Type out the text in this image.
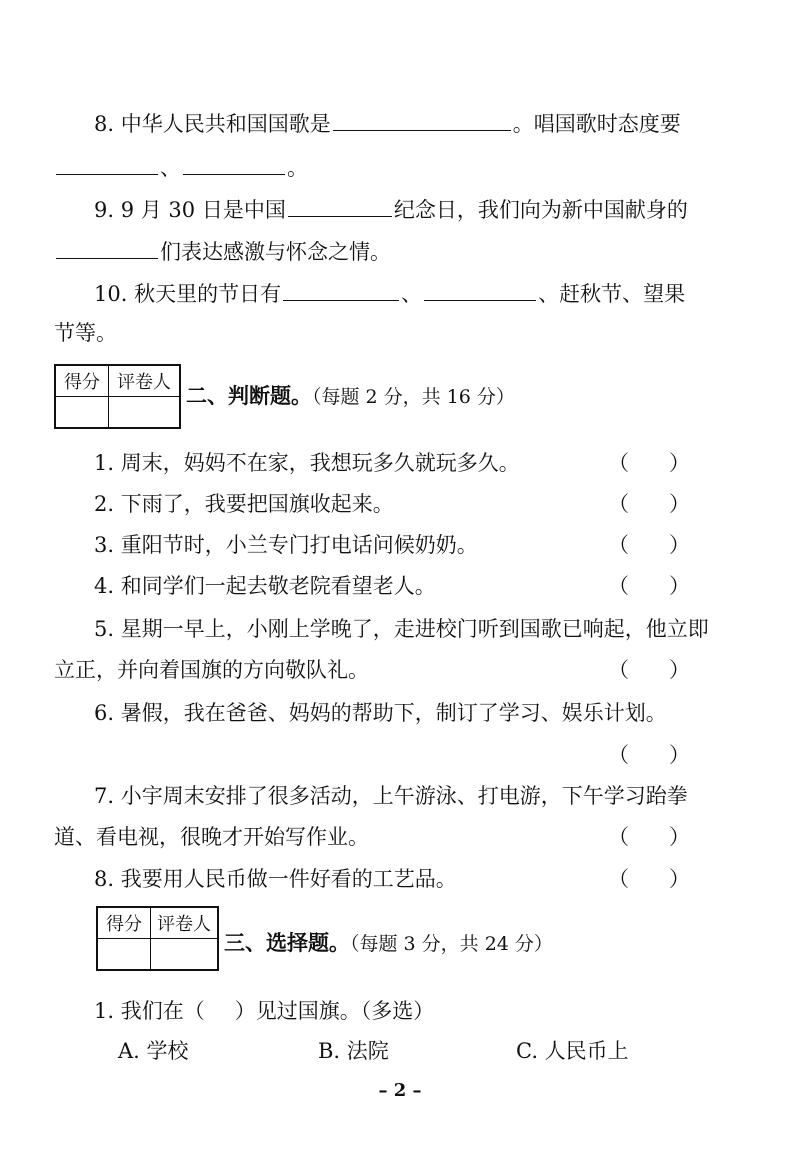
8. 中华人民共和国国歌是	。唱国歌时态度要
、	。
9. 9 月 30 日是中国	纪念日，我们向为新中国献身的
们表达感激与怀念之情。
10. 秋天里的节日有	、	、赶秋节、望果
节等。
得分	评卷人

二、判断题。（每题 2 分，共 16 分）
1. 周末，妈妈不在家，我想玩多久就玩多久。	（ ）
2. 下雨了，我要把国旗收起来。	（ ）
3. 重阳节时，小兰专门打电话问候奶奶。	（ ）
4. 和同学们一起去敬老院看望老人。	（ ）
5. 星期一早上，小刚上学晚了，走进校门听到国歌已响起，他立即
立正，并向着国旗的方向敬队礼。	（ ）
6. 暑假，我在爸爸、妈妈的帮助下，制订了学习、娱乐计划。
（ ）
7. 小宇周末安排了很多活动，上午游泳、打电游，下午学习跆拳
道、看电视，很晚才开始写作业。	（ ）
8. 我要用人民币做一件好看的工艺品。	（ ）
得分	评卷人

三、选择题。（每题 3 分，共 24 分）
1. 我们在（ ）见过国旗。（多选）
A. 学校	B. 法院	C. 人民币上
– 2 –
